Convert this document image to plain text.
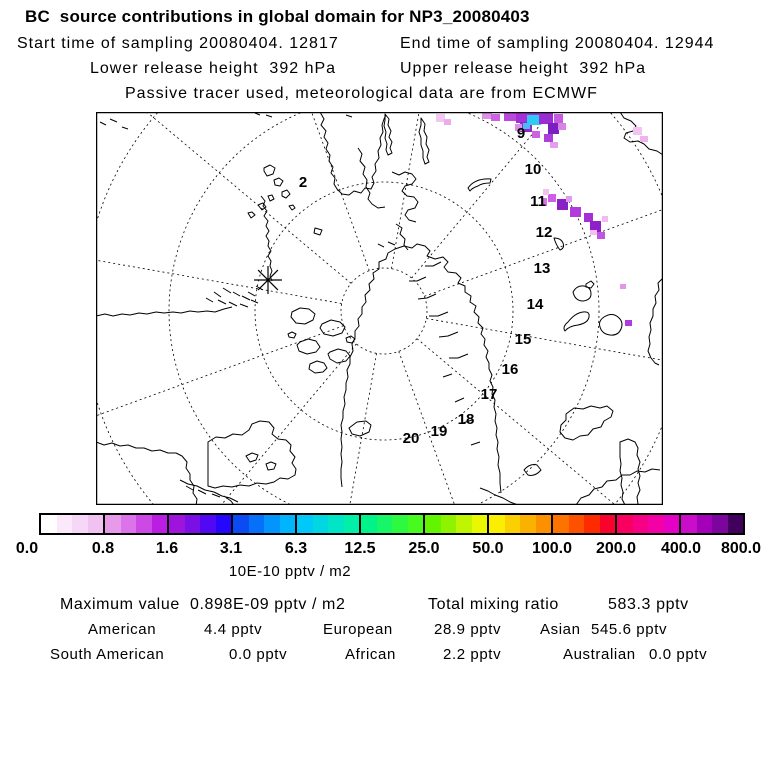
BC  source contributions in global domain for NP3_20080403
Start time of sampling 20080404. 12817	End time of sampling 20080404. 12944
Lower release height  392 hPa	Upper release height  392 hPa
Passive tracer used, meteorological data are from ECMWF
2
9
10
11
12
13
14
15
16
17
18
19
20
0.0	0.8	1.6	3.1	6.3 12.5 25.0 50.0 100.0 200.0 400.0 800.0
10E-10 pptv / m2
Maximum value 0.898E-09 pptv / m2	Total mixing ratio	583.3 pptv
American	4.4 pptv	European	28.9 pptv	Asian 545.6 pptv
South American	0.0 pptv	African	2.2 pptv	Australian 0.0 pptv
